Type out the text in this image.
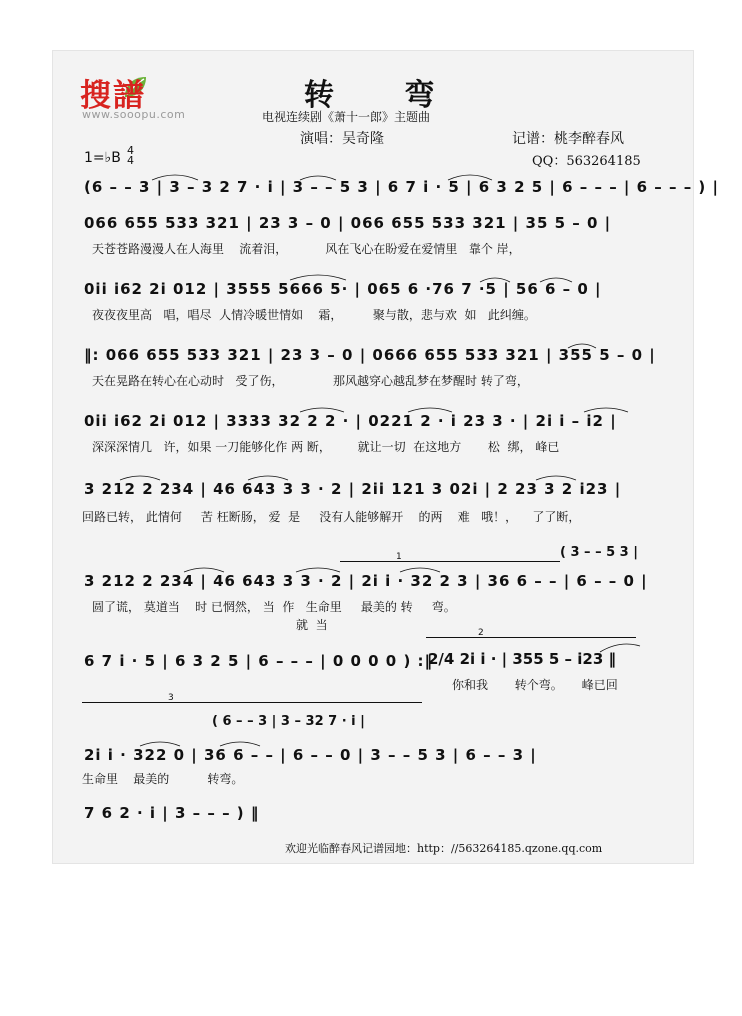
搜譜
www.sooopu.com
转 弯
电视连续剧《萧十一郎》主题曲
演唱：吴奇隆	记谱：桃李醉春风
QQ：563264185
1=♭B 4
4
(6 – – 3 | 3 – 3 2 7 · i | 3 – – 5 3 | 6 7 i · 5 | 6 3 2 5 | 6 – – – | 6 – – – ) |
066 655 533 321 | 23 3 – 0 | 066 655 533 321 | 35 5 – 0 |
天苍苍路漫漫人在人海里    流着泪，          风在飞心在盼爱在爱情里   靠个 岸，
0ii i62 2i 012 | 3555 5666 5· | 065 6 ·76 7 ·5 | 56 6 – 0 |
夜夜夜里高   唱，唱尽  人情冷暖世情如    霜，        聚与散，悲与欢  如   此纠缠。
‖: 066 655 533 321 | 23 3 – 0 | 0666 655 533 321 | 355 5 – 0 |
天在晃路在转心在心动时   受了伤，             那风越穿心越乱梦在梦醒时 转了弯，
0ii i62 2i 012 | 3333 32 2 2 · | 0221 2 · i 23 3 · | 2i i – i2 |
深深深情几   许，如果 一刀能够化作 两 断，       就让一切  在这地方       松  绑， 峰已
3 212 2 234 | 46 643 3 3 · 2 | 2ii 121 3 02i | 2 23 3 2 i23 |
回路已转， 此情何     苦 枉断肠， 爱  是     没有人能够解开    的两    难   哦！，    了了断，
( 3 – – 5 3 |
1
3 212 2 234 | 46 643 3 3 · 2 | 2i i · 32 2 3 | 36 6 – – | 6 – – 0 |
圆了谎， 莫道当    时 已惘然， 当  作   生命里     最美的 转     弯。
就  当
2
6 7 i · 5 | 6 3 2 5 | 6 – – – | 0 0 0 0 ) :‖
2/4 2i i · | 355 5 – i23 ‖
你和我       转个弯。     峰已回
3
( 6 – – 3 | 3 – 32 7 · i |
2i i · 322 0 | 36 6 – – | 6 – – 0 | 3 – – 5 3 | 6 – – 3 |
生命里    最美的          转弯。
7 6 2 · i | 3 – – – ) ‖
欢迎光临醉春风记谱园地：http：//563264185.qzone.qq.com
